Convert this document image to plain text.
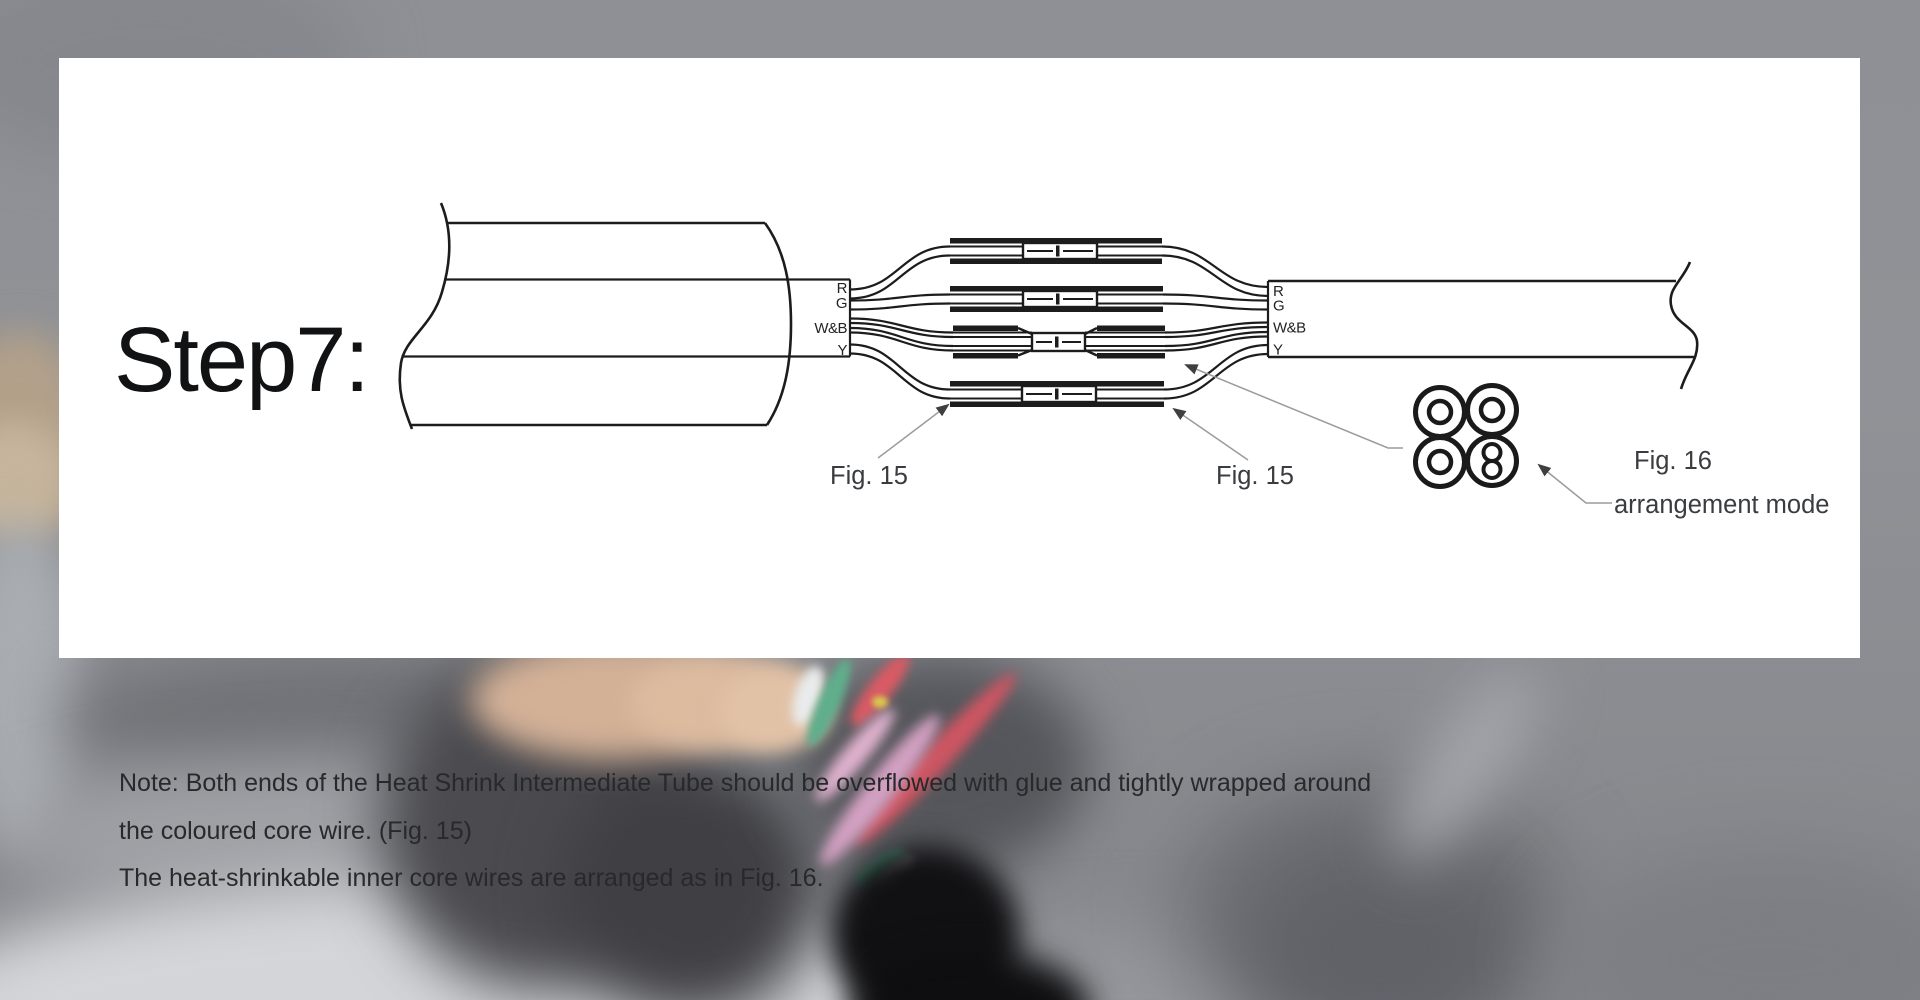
Step7:
R
G
W&B
Y
R
G
W&B
Y
Fig. 15	Fig. 15
Fig. 16
arrangement mode
Note: Both ends of the Heat Shrink Intermediate Tube should be overflowed with glue and tightly wrapped around
the coloured core wire. (Fig. 15)
The heat-shrinkable inner core wires are arranged as in Fig. 16.
